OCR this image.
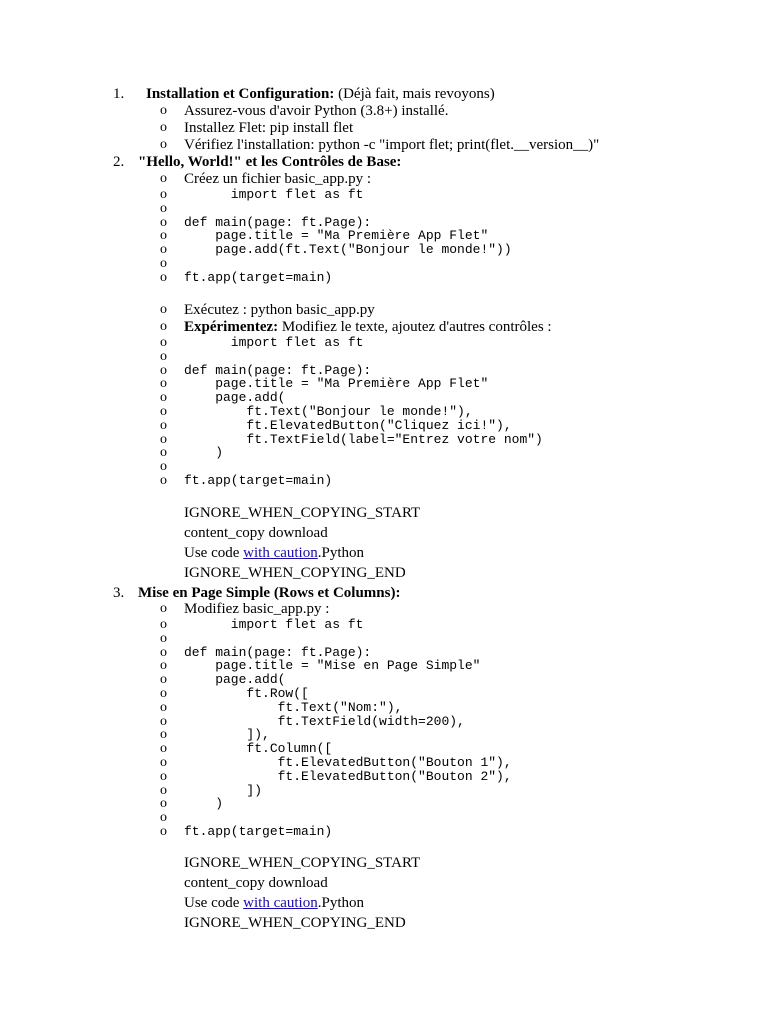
1. Installation et Configuration: (Déjà fait, mais revoyons)
o Assurez-vous d'avoir Python (3.8+) installé.
o Installez Flet: pip install flet
o Vérifiez l'installation: python -c "import flet; print(flet.__version__)"
2. "Hello, World!" et les Contrôles de Base:
o Créez un fichier basic_app.py :
o import flet as ft
o
o def main(page: ft.Page):
o page.title = "Ma Première App Flet"
o page.add(ft.Text("Bonjour le monde!"))
o
o ft.app(target=main)
o Exécutez : python basic_app.py
o Expérimentez: Modifiez le texte, ajoutez d'autres contrôles :
o import flet as ft
o
o def main(page: ft.Page):
o page.title = "Ma Première App Flet"
o page.add(
o ft.Text("Bonjour le monde!"),
o ft.ElevatedButton("Cliquez ici!"),
o ft.TextField(label="Entrez votre nom")
o )
o
o ft.app(target=main)
IGNORE_WHEN_COPYING_START
content_copy download
Use code with caution.Python
IGNORE_WHEN_COPYING_END
3. Mise en Page Simple (Rows et Columns):
o Modifiez basic_app.py :
o import flet as ft
o
o def main(page: ft.Page):
o page.title = "Mise en Page Simple"
o page.add(
o ft.Row([
o ft.Text("Nom:"),
o ft.TextField(width=200),
o ]),
o ft.Column([
o ft.ElevatedButton("Bouton 1"),
o ft.ElevatedButton("Bouton 2"),
o ])
o )
o
o ft.app(target=main)
IGNORE_WHEN_COPYING_START
content_copy download
Use code with caution.Python
IGNORE_WHEN_COPYING_END
